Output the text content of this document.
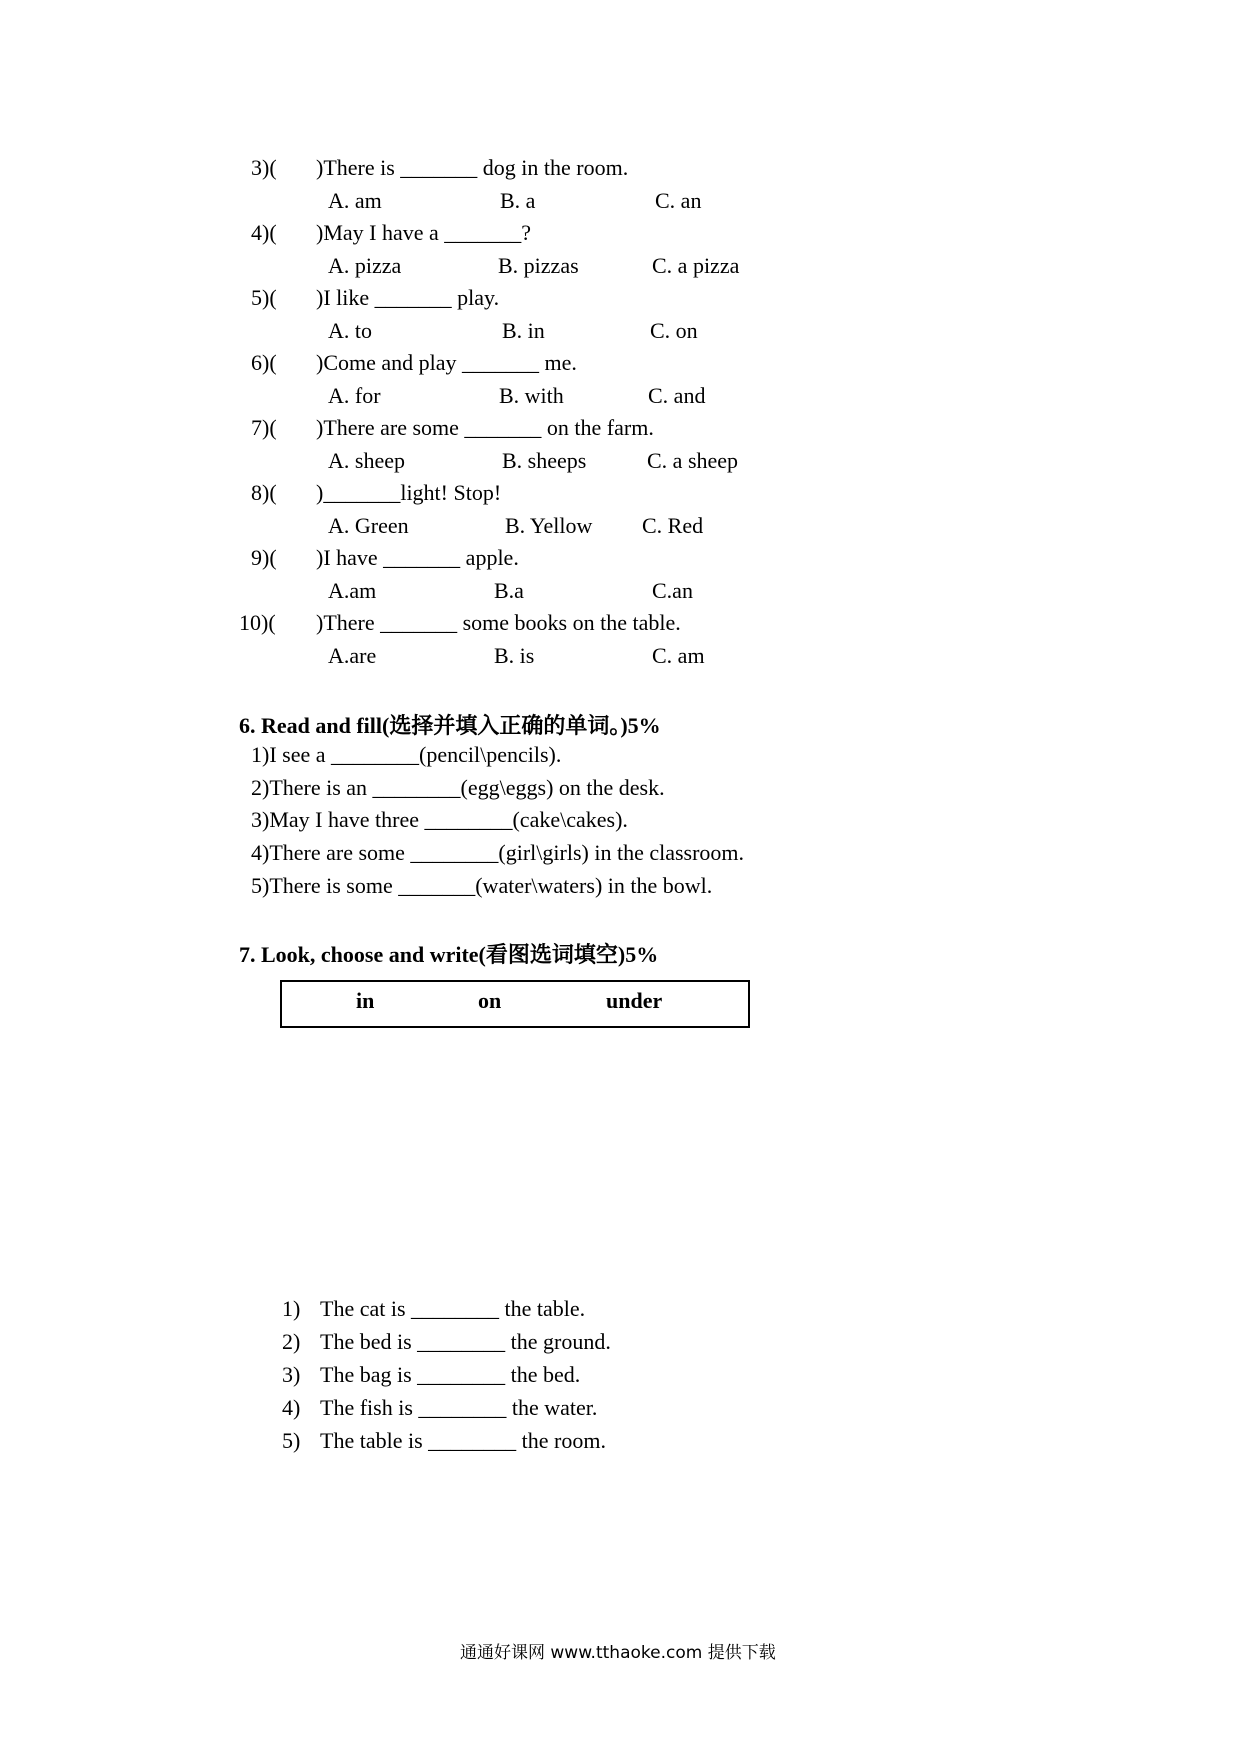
3)( )There is _______ dog in the room.
A. am	B. a	C. an
4)( )May I have a _______?
A. pizza	B. pizzas	C. a pizza
5)( )I like _______ play.
A. to	B. in	C. on
6)( )Come and play _______ me.
A. for	B. with	C. and
7)( )There are some _______ on the farm.
A. sheep	B. sheeps	C. a sheep
8)( )_______light! Stop!
A. Green	B. Yellow C. Red
9)( )I have _______ apple.
A.am	B.a	C.an
10)( )There _______ some books on the table.
A.are	B. is	C. am
6. Read and fill(选择并填入正确的单词。)5%
1)I see a ________(pencil\pencils).
2)There is an ________(egg\eggs) on the desk.
3)May I have three ________(cake\cakes).
4)There are some ________(girl\girls) in the classroom.
5)There is some _______(water\waters) in the bowl.
7. Look, choose and write(看图选词填空)5%
in	on	under
1) The cat is ________ the table.
2) The bed is ________ the ground.
3) The bag is ________ the bed.
4) The fish is ________ the water.
5) The table is ________ the room.
通通好课网 www.tthaoke.com 提供下载
